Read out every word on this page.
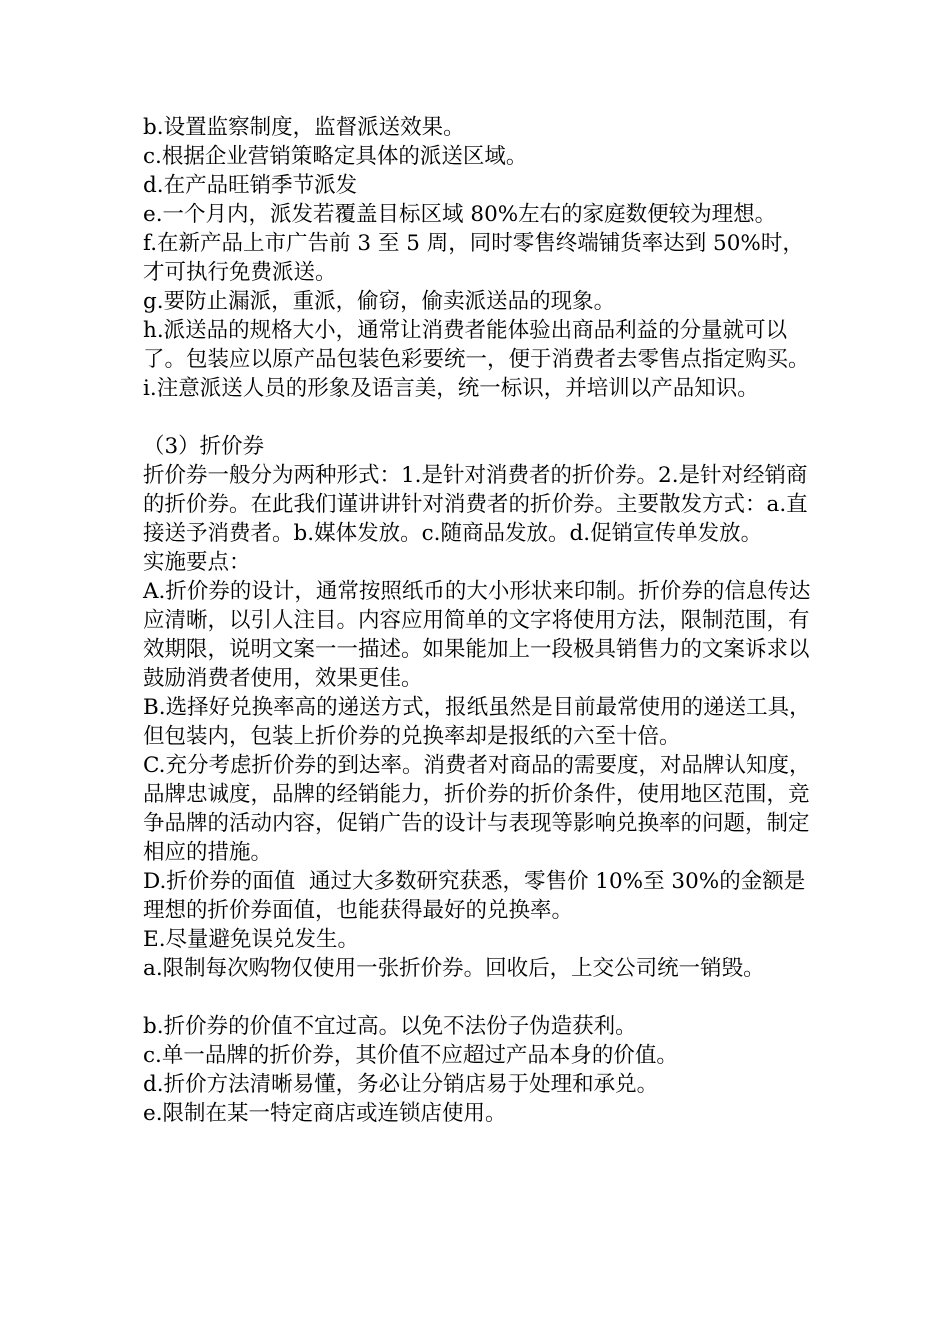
b.设置监察制度，监督派送效果。

c.根据企业营销策略定具体的派送区域。

d.在产品旺销季节派发

e.一个月内，派发若覆盖目标区域 80%左右的家庭数便较为理想。

f.在新产品上市广告前 3 至 5 周，同时零售终端铺货率达到 50%时，才可执行免费派送。

g.要防止漏派，重派，偷窃，偷卖派送品的现象。

h.派送品的规格大小，通常让消费者能体验出商品利益的分量就可以了。包装应以原产品包装色彩要统一，便于消费者去零售点指定购买。

i.注意派送人员的形象及语言美，统一标识，并培训以产品知识。

（3）折价券

折价券一般分为两种形式：1.是针对消费者的折价券。2.是针对经销商的折价券。在此我们谨讲讲针对消费者的折价券。主要散发方式：a.直接送予消费者。b.媒体发放。c.随商品发放。d.促销宣传单发放。

实施要点：

A.折价券的设计，通常按照纸币的大小形状来印制。折价券的信息传达应清晰，以引人注目。内容应用简单的文字将使用方法，限制范围，有效期限，说明文案一一描述。如果能加上一段极具销售力的文案诉求以鼓励消费者使用，效果更佳。

B.选择好兑换率高的递送方式，报纸虽然是目前最常使用的递送工具，但包装内，包装上折价券的兑换率却是报纸的六至十倍。

C.充分考虑折价券的到达率。消费者对商品的需要度，对品牌认知度，品牌忠诚度，品牌的经销能力，折价券的折价条件，使用地区范围，竞争品牌的活动内容，促销广告的设计与表现等影响兑换率的问题，制定相应的措施。

D.折价券的面值  通过大多数研究获悉，零售价 10%至 30%的金额是理想的折价券面值，也能获得最好的兑换率。

E.尽量避免误兑发生。

a.限制每次购物仅使用一张折价券。回收后，上交公司统一销毁。

b.折价券的价值不宜过高。以免不法份子伪造获利。

c.单一品牌的折价券，其价值不应超过产品本身的价值。

d.折价方法清晰易懂，务必让分销店易于处理和承兑。

e.限制在某一特定商店或连锁店使用。
